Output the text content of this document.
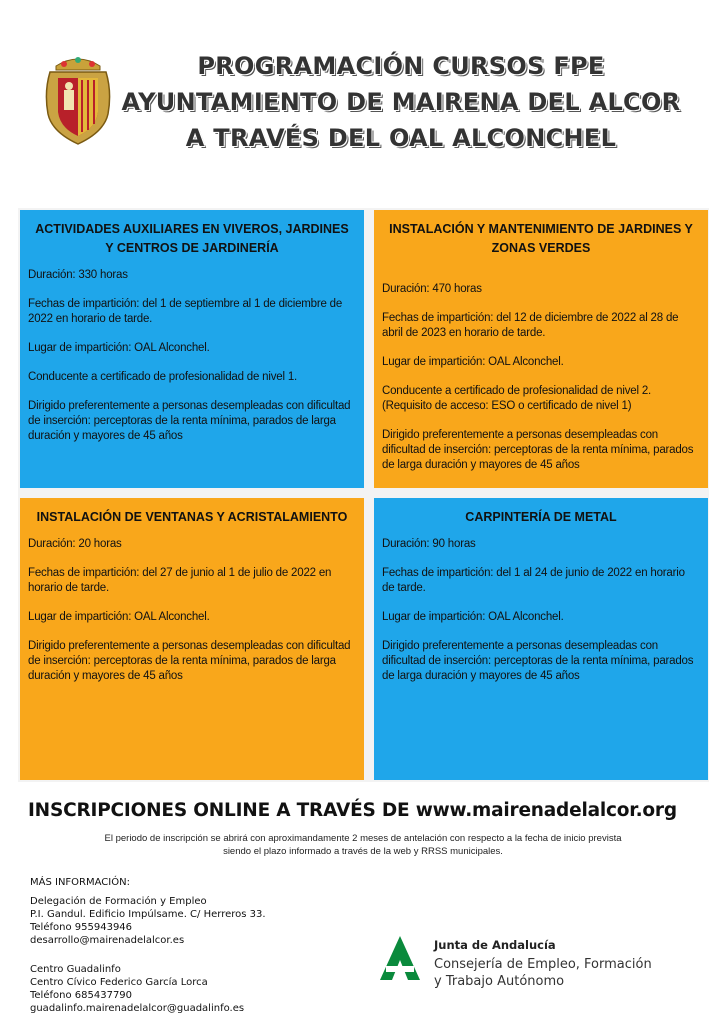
PROGRAMACIÓN CURSOS FPE
AYUNTAMIENTO DE MAIRENA DEL ALCOR
A TRAVÉS DEL OAL ALCONCHEL
ACTIVIDADES AUXILIARES EN VIVEROS, JARDINES Y CENTROS DE JARDINERÍA

Duración: 330 horas

Fechas de impartición: del 1 de septiembre al 1 de diciembre de 2022 en horario de tarde.

Lugar de impartición: OAL Alconchel.

Conducente a certificado de profesionalidad de nivel 1.

Dirigido preferentemente a personas desempleadas con dificultad de inserción: perceptoras de la renta mínima, parados de larga duración y mayores de 45 años

INSTALACIÓN Y MANTENIMIENTO DE JARDINES Y ZONAS VERDES

Duración: 470 horas

Fechas de impartición: del 12 de diciembre de 2022 al 28 de abril de 2023 en horario de tarde.

Lugar de impartición: OAL Alconchel.

Conducente a certificado de profesionalidad de nivel 2. (Requisito de acceso: ESO o certificado de nivel 1)

Dirigido preferentemente a personas desempleadas con dificultad de inserción: perceptoras de la renta mínima, parados de larga duración y mayores de 45 años

INSTALACIÓN DE VENTANAS Y ACRISTALAMIENTO

Duración: 20 horas

Fechas de impartición: del 27 de junio al 1 de julio de 2022 en horario de tarde.

Lugar de impartición: OAL Alconchel.

Dirigido preferentemente a personas desempleadas con dificultad de inserción: perceptoras de la renta mínima, parados de larga duración y mayores de 45 años

CARPINTERÍA DE METAL

Duración: 90 horas

Fechas de impartición: del 1 al 24 de junio de 2022 en horario de tarde.

Lugar de impartición: OAL Alconchel.

Dirigido preferentemente a personas desempleadas con dificultad de inserción: perceptoras de la renta mínima, parados de larga duración y mayores de 45 años

INSCRIPCIONES ONLINE A TRAVÉS DE www.mairenadelalcor.org
El periodo de inscripción se abrirá con aproximandamente 2 meses de antelación con respecto a la fecha de inicio prevista
siendo el plazo informado a través de la web y RRSS municipales.
MÁS INFORMACIÓN:
Delegación de Formación y Empleo
P.I. Gandul. Edificio Impúlsame. C/ Herreros 33.
Teléfono 955943946
desarrollo@mairenadelalcor.es
Centro Guadalinfo
Centro Cívico Federico García Lorca
Teléfono 685437790
guadalinfo.mairenadelalcor@guadalinfo.es
Junta de Andalucía
Consejería de Empleo, Formación
y Trabajo Autónomo
